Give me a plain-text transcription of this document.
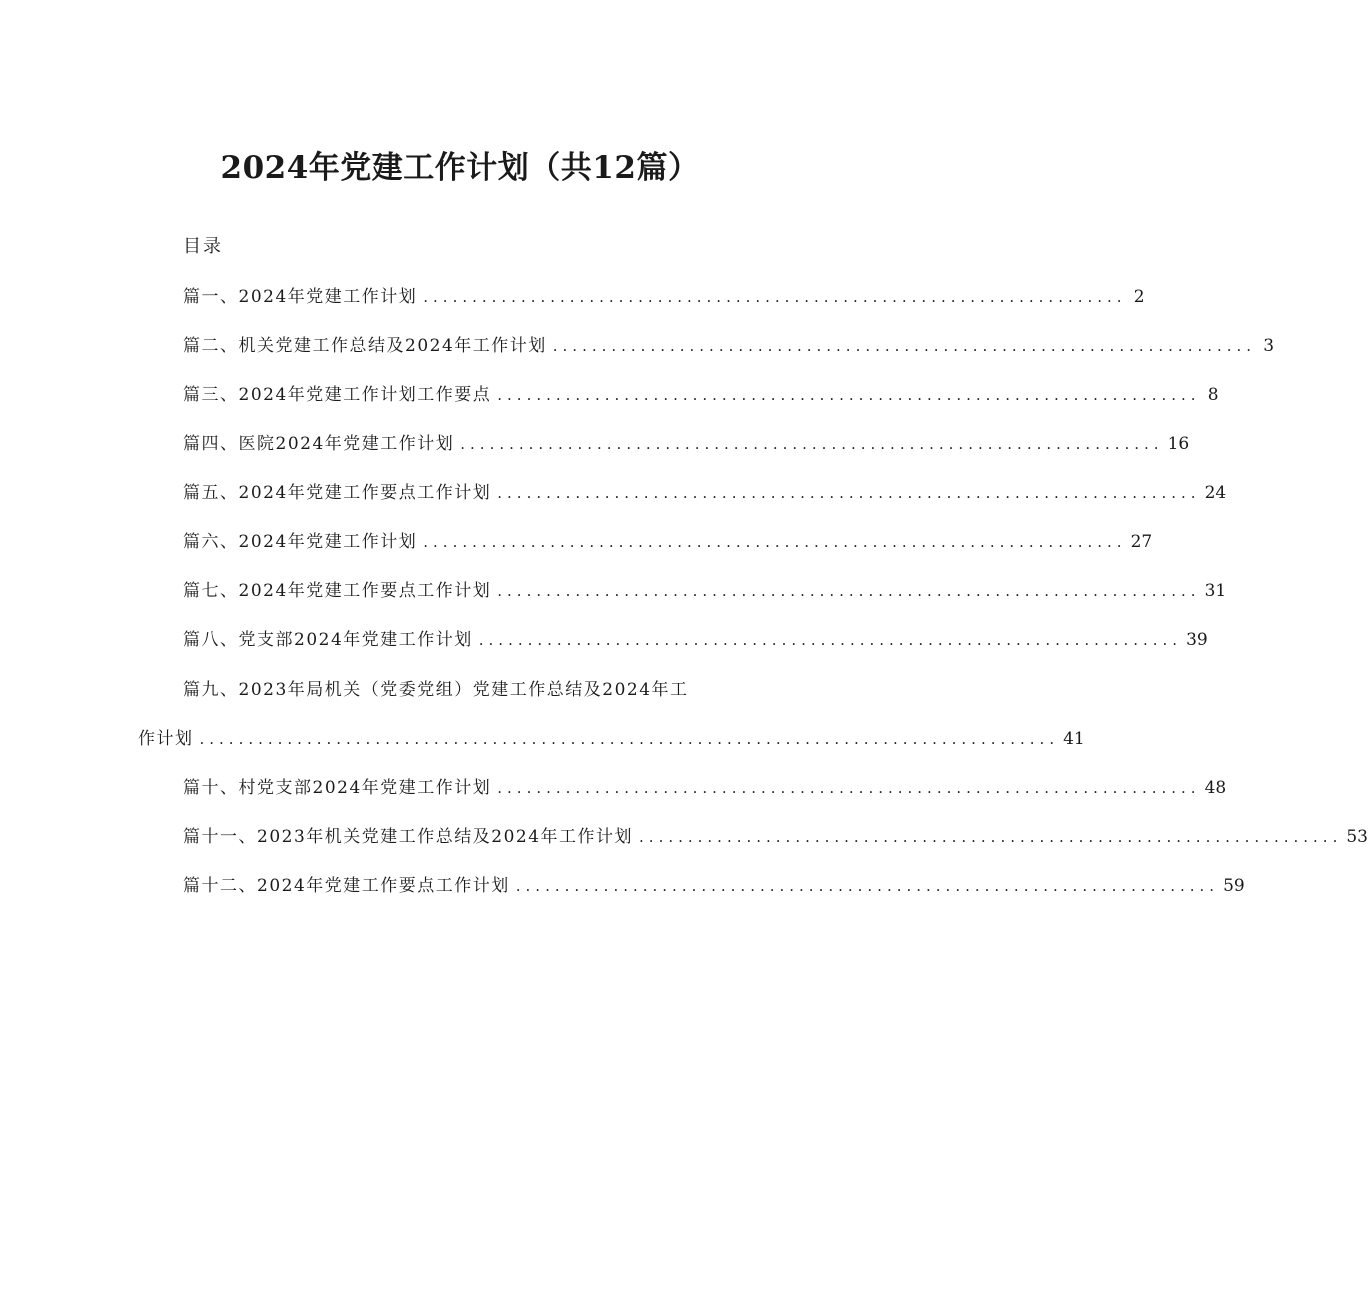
2024年党建工作计划（共12篇）
目录
篇一、2024年党建工作计划 ........................................................................ 2
篇二、机关党建工作总结及2024年工作计划 ........................................................................ 3
篇三、2024年党建工作计划工作要点 ........................................................................ 8
篇四、医院2024年党建工作计划 ........................................................................ 16
篇五、2024年党建工作要点工作计划 ........................................................................ 24
篇六、2024年党建工作计划 ........................................................................ 27
篇七、2024年党建工作要点工作计划 ........................................................................ 31
篇八、党支部2024年党建工作计划 ........................................................................ 39
篇九、2023年局机关（党委党组）党建工作总结及2024年工
作计划 ........................................................................................ 41
篇十、村党支部2024年党建工作计划 ........................................................................ 48
篇十一、2023年机关党建工作总结及2024年工作计划 ........................................................................ 53
篇十二、2024年党建工作要点工作计划 ........................................................................ 59
